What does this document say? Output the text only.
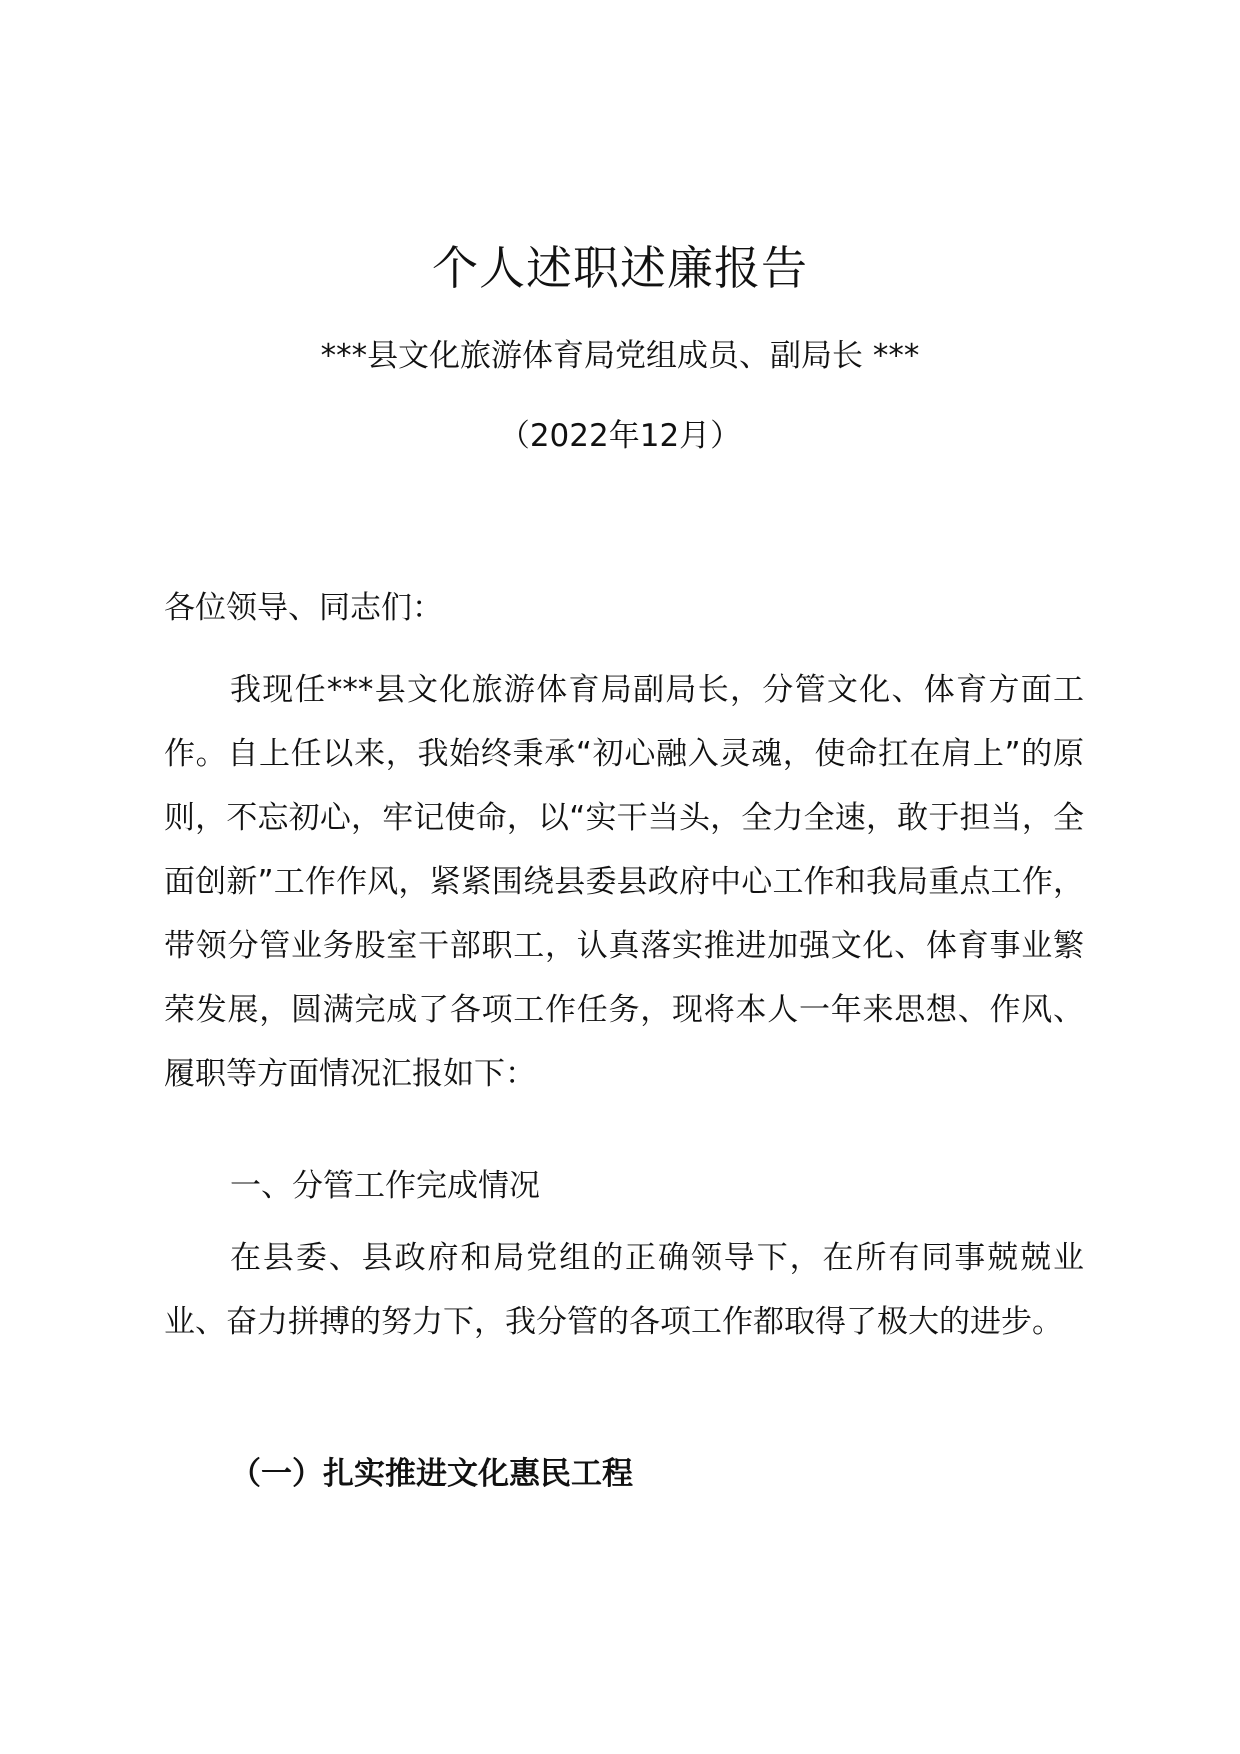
个人述职述廉报告
***县文化旅游体育局党组成员、副局长 ***
（2022年12月）

各位领导、同志们：

我现任***县文化旅游体育局副局长，分管文化、体育方面工作。自上任以来，我始终秉承“初心融入灵魂，使命扛在肩上”的原则，不忘初心，牢记使命，以“实干当头，全力全速，敢于担当，全面创新”工作作风，紧紧围绕县委县政府中心工作和我局重点工作，带领分管业务股室干部职工，认真落实推进加强文化、体育事业繁荣发展，圆满完成了各项工作任务，现将本人一年来思想、作风、履职等方面情况汇报如下：

一、分管工作完成情况

在县委、县政府和局党组的正确领导下，在所有同事兢兢业业、奋力拼搏的努力下，我分管的各项工作都取得了极大的进步。

（一）扎实推进文化惠民工程
